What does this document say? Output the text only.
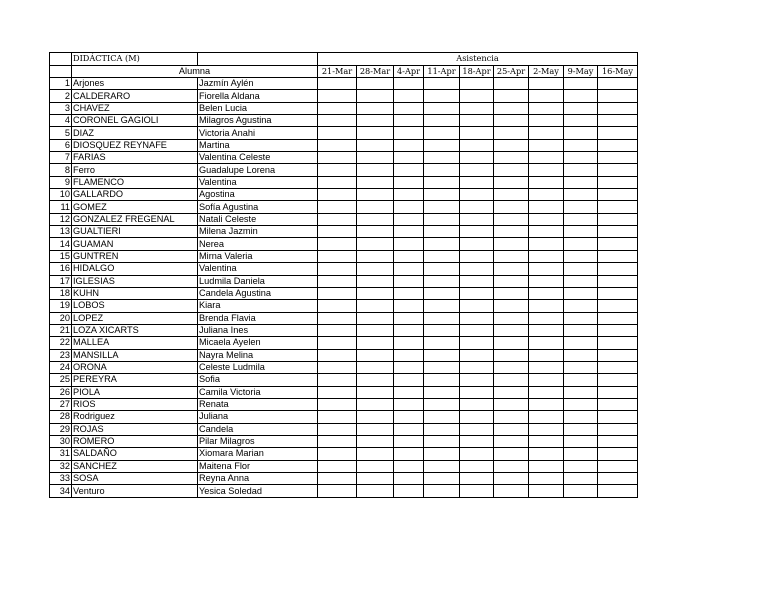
	DIDÁCTICA (M)		Asistencia								
	Alumna		21-Mar	28-Mar	4-Apr	11-Apr	18-Apr	25-Apr	2-May	9-May	16-May
1	Arjones	Jazmín Aylén									
2	CALDERARO	Fiorella Aldana									
3	CHAVEZ	Belen Lucia									
4	CORONEL GAGIOLI	Milagros Agustina									
5	DIAZ	Victoria Anahi									
6	DIOSQUEZ REYNAFE	Martina									
7	FARIAS	Valentina Celeste									
8	Ferro	Guadalupe Lorena									
9	FLAMENCO	Valentina									
10	GALLARDO	Agostina									
11	GOMEZ	Sofía Agustina									
12	GONZALEZ FREGENAL	Natali Celeste									
13	GUALTIERI	Milena Jazmin									
14	GUAMAN	Nerea									
15	GUNTREN	Mirna Valeria									
16	HIDALGO	Valentina									
17	IGLESIAS	Ludmila Daniela									
18	KUHN	Candela Agustina									
19	LOBOS	Kiara									
20	LOPEZ	Brenda Flavia									
21	LOZA XICARTS	Juliana Ines									
22	MALLEA	Micaela Ayelen									
23	MANSILLA	Nayra Melina									
24	ORONA	Celeste Ludmila									
25	PEREYRA	Sofia									
26	PIOLA	Camila Victoria									
27	RIOS	Renata									
28	Rodriguez	Juliana									
29	ROJAS	Candela									
30	ROMERO	Pilar Milagros									
31	SALDAÑO	Xiomara Marian									
32	SANCHEZ	Maitena Flor									
33	SOSA	Reyna Anna									
34	Venturo	Yesica Soledad									
